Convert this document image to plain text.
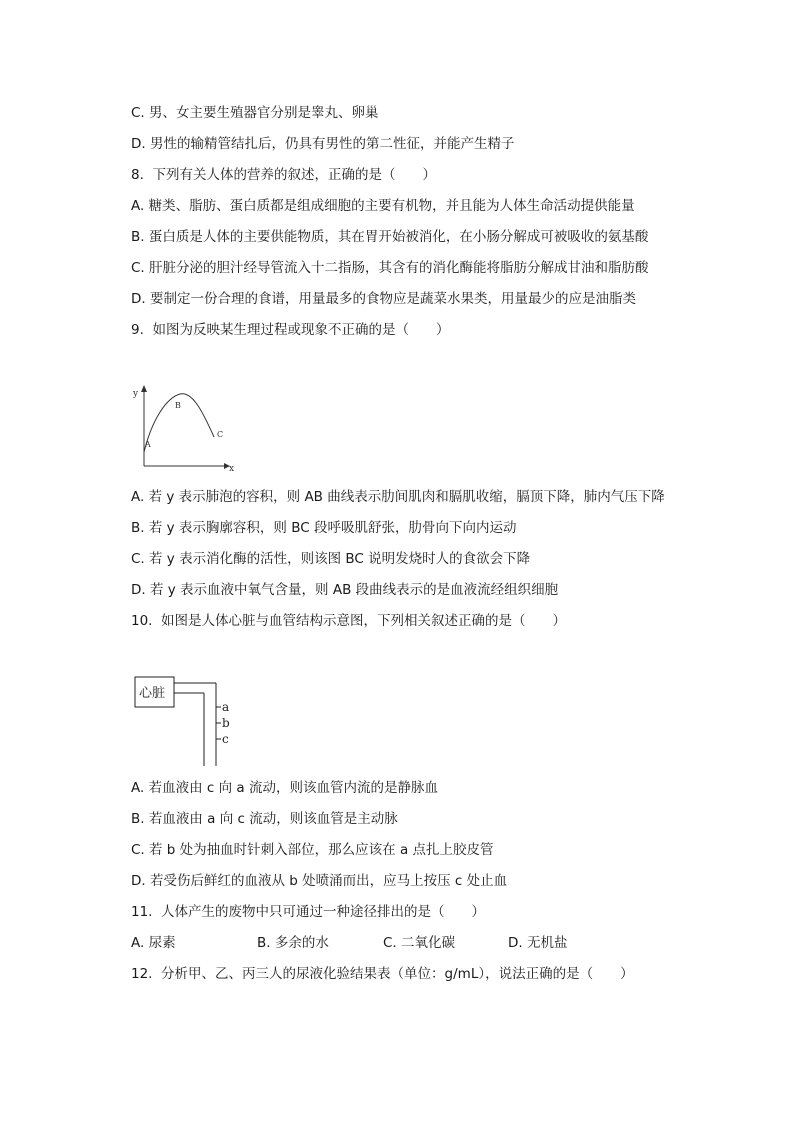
C. 男、女主要生殖器官分别是睾丸、卵巢
D. 男性的输精管结扎后，仍具有男性的第二性征，并能产生精子
8.  下列有关人体的营养的叙述，正确的是（　　）
A. 糖类、脂肪、蛋白质都是组成细胞的主要有机物，并且能为人体生命活动提供能量
B. 蛋白质是人体的主要供能物质，其在胃开始被消化，在小肠分解成可被吸收的氨基酸
C. 肝脏分泌的胆汁经导管流入十二指肠，其含有的消化酶能将脂肪分解成甘油和脂肪酸
D. 要制定一份合理的食谱，用量最多的食物应是蔬菜水果类，用量最少的应是油脂类
9.  如图为反映某生理过程或现象不正确的是（　　）
y
x
A
B
C
A. 若 y 表示肺泡的容积，则 AB 曲线表示肋间肌肉和膈肌收缩，膈顶下降，肺内气压下降
B. 若 y 表示胸廓容积，则 BC 段呼吸肌舒张，肋骨向下向内运动
C. 若 y 表示消化酶的活性，则该图 BC 说明发烧时人的食欲会下降
D. 若 y 表示血液中氧气含量，则 AB 段曲线表示的是血液流经组织细胞
10.  如图是人体心脏与血管结构示意图，下列相关叙述正确的是（　　）
心脏
a
b
c
A. 若血液由 c 向 a 流动，则该血管内流的是静脉血
B. 若血液由 a 向 c 流动，则该血管是主动脉
C. 若 b 处为抽血时针刺入部位，那么应该在 a 点扎上胶皮管
D. 若受伤后鲜红的血液从 b 处喷涌而出，应马上按压 c 处止血
11.  人体产生的废物中只可通过一种途径排出的是（　　）
A. 尿素	B. 多余的水	C. 二氧化碳	D. 无机盐
12.  分析甲、乙、丙三人的尿液化验结果表（单位：g/mL），说法正确的是（　　）
